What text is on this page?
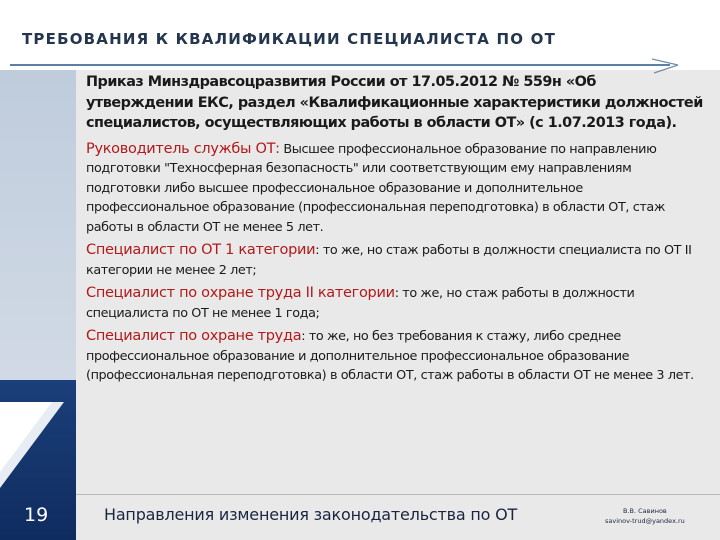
ТРЕБОВАНИЯ К КВАЛИФИКАЦИИ СПЕЦИАЛИСТА ПО ОТ
19

Приказ Минздравсоцразвития России от 17.05.2012 № 559н «Об утверждении ЕКС, раздел «Квалификационные характеристики должностей специалистов, осуществляющих работы в области ОТ» (с 1.07.2013 года).

Руководитель службы ОТ: Высшее профессиональное образование по направлению подготовки "Техносферная безопасность" или соответствующим ему направлениям подготовки либо высшее профессиональное образование и дополнительное профессиональное образование (профессиональная переподготовка) в области ОТ, стаж работы в области ОТ не менее 5 лет.

Специалист по ОТ 1 категории: то же, но стаж работы в должности специалиста по ОТ II категории не менее 2 лет;

Специалист по охране труда II категории: то же, но стаж работы в должности специалиста по ОТ не менее 1 года;

Специалист по охране труда: то же, но без требования к стажу, либо среднее профессиональное образование и дополнительное профессиональное образование (профессиональная переподготовка) в области ОТ, стаж работы в области ОТ не менее 3 лет.

Направления изменения законодательства по ОТ	В.В. Савинов
savinov-trud@yandex.ru
